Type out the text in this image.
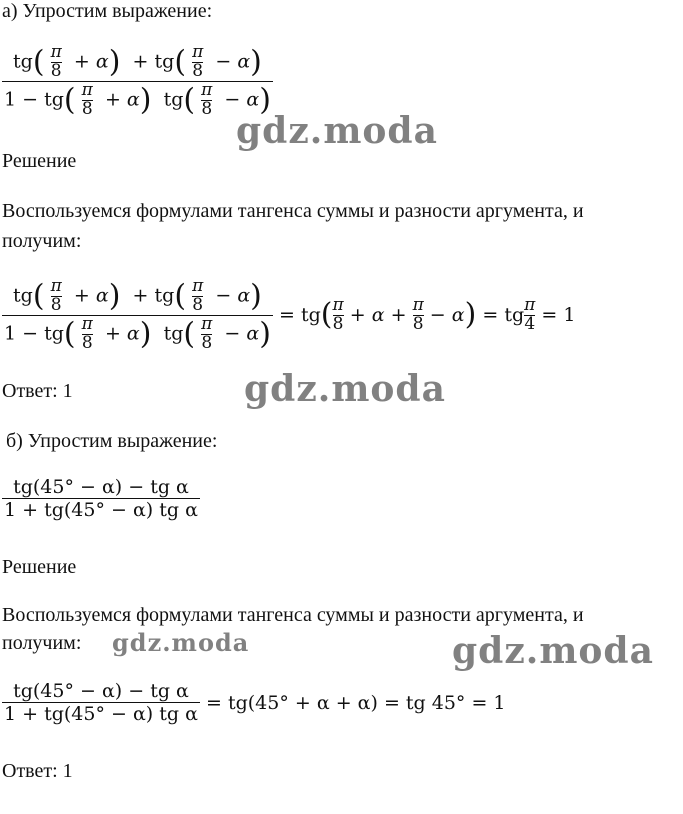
а) Упростим выражение:
$\frac{tg( \frac{\pi}{8} + \alpha) + tg( \frac{\pi}{8} - \alpha)}{1 - tg( \frac{\pi}{8} + \alpha) tg( \frac{\pi}{8} - \alpha)}$
gdz.moda
Решение
Воспользуемся формулами тангенса суммы и разности аргумента, и
получим:
$\frac{tg( \frac{\pi}{8} + \alpha) + tg( \frac{\pi}{8} - \alpha)}{1 - tg( \frac{\pi}{8} + \alpha) tg( \frac{\pi}{8} - \alpha)}$
=
tg ( π
8
+
α
+
$\frac{\pi}{8}$
−
α )
=
tg $\frac{\pi}{4}$
= 1
Ответ: 1	gdz.moda
б) Упростим выражение:
$\frac{\text{tg(45° − α) − tg α}}{\text{1 + tg(45° − α) tg α}}$
Решение
Воспользуемся формулами тангенса суммы и разности аргумента, и
получим: gdz.moda	gdz.moda
$\frac{\text{tg(45° − α) − tg α}}{\text{1 + tg(45° − α) tg α}}$
= tg(45° + α + α) = tg 45° = 1
Ответ: 1
